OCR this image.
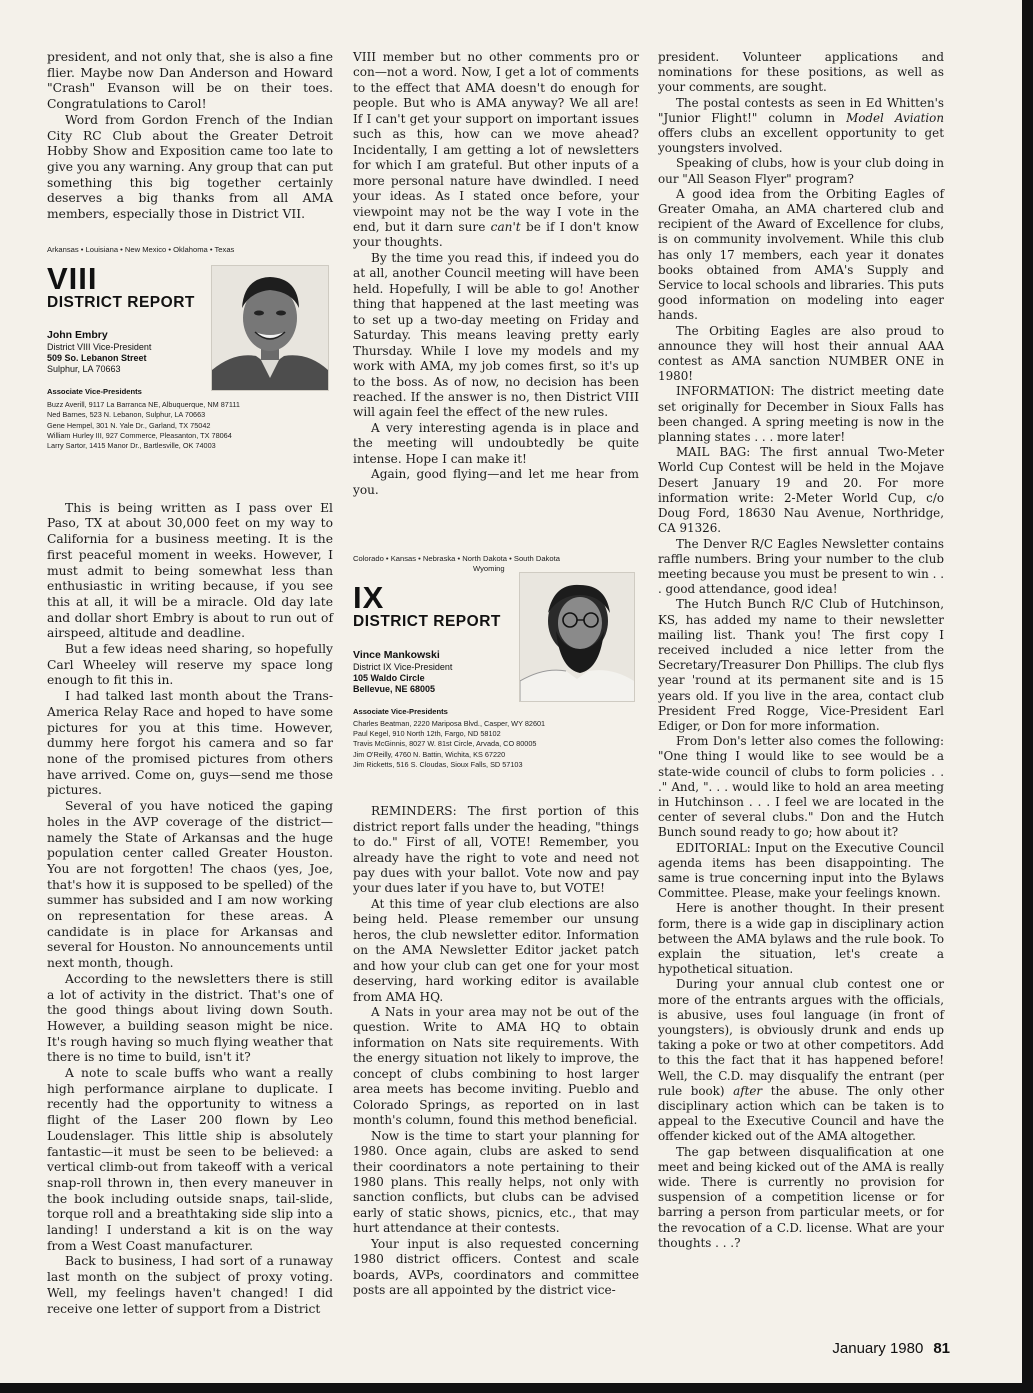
president, and not only that, she is also a fine flier. Maybe now Dan Anderson and Howard "Crash" Evanson will be on their toes. Congratulations to Carol!

Word from Gordon French of the Indian City RC Club about the Greater Detroit Hobby Show and Exposition came too late to give you any warning. Any group that can put something this big together certainly deserves a big thanks from all AMA members, especially those in District VII.

Arkansas • Louisiana • New Mexico • Oklahoma • Texas
VIII
DISTRICT REPORT
John Embry
District VIII Vice-President
509 So. Lebanon Street
Sulphur, LA 70663
Associate Vice-Presidents
Buzz Averill, 9117 La Barranca NE, Albuquerque, NM 87111
Ned Barnes, 523 N. Lebanon, Sulphur, LA 70663
Gene Hempel, 301 N. Yale Dr., Garland, TX 75042
William Hurley III, 927 Commerce, Pleasanton, TX 78064
Larry Sartor, 1415 Manor Dr., Bartlesville, OK 74003

This is being written as I pass over El Paso, TX at about 30,000 feet on my way to California for a business meeting. It is the first peaceful moment in weeks. However, I must admit to being somewhat less than enthusiastic in writing because, if you see this at all, it will be a miracle. Old day late and dollar short Embry is about to run out of airspeed, altitude and deadline.

But a few ideas need sharing, so hopefully Carl Wheeley will reserve my space long enough to fit this in.

I had talked last month about the Trans-America Relay Race and hoped to have some pictures for you at this time. However, dummy here forgot his camera and so far none of the promised pictures from others have arrived. Come on, guys—send me those pictures.

Several of you have noticed the gaping holes in the AVP coverage of the district—namely the State of Arkansas and the huge population center called Greater Houston. You are not forgotten! The chaos (yes, Joe, that's how it is supposed to be spelled) of the summer has subsided and I am now working on representation for these areas. A candidate is in place for Arkansas and several for Houston. No announcements until next month, though.

According to the newsletters there is still a lot of activity in the district. That's one of the good things about living down South. However, a building season might be nice. It's rough having so much flying weather that there is no time to build, isn't it?

A note to scale buffs who want a really high performance airplane to duplicate. I recently had the opportunity to witness a flight of the Laser 200 flown by Leo Loudenslager. This little ship is absolutely fantastic—it must be seen to be believed: a vertical climb-out from takeoff with a verical snap-roll thrown in, then every maneuver in the book including outside snaps, tail-slide, torque roll and a breathtaking side slip into a landing! I understand a kit is on the way from a West Coast manufacturer.

Back to business, I had sort of a runaway last month on the subject of proxy voting. Well, my feelings haven't changed! I did receive one letter of support from a District

VIII member but no other comments pro or con—not a word. Now, I get a lot of comments to the effect that AMA doesn't do enough for people. But who is AMA anyway? We all are! If I can't get your support on important issues such as this, how can we move ahead? Incidentally, I am getting a lot of newsletters for which I am grateful. But other inputs of a more personal nature have dwindled. I need your ideas. As I stated once before, your viewpoint may not be the way I vote in the end, but it darn sure can't be if I don't know your thoughts.

By the time you read this, if indeed you do at all, another Council meeting will have been held. Hopefully, I will be able to go! Another thing that happened at the last meeting was to set up a two-day meeting on Friday and Saturday. This means leaving pretty early Thursday. While I love my models and my work with AMA, my job comes first, so it's up to the boss. As of now, no decision has been reached. If the answer is no, then District VIII will again feel the effect of the new rules.

A very interesting agenda is in place and the meeting will undoubtedly be quite intense. Hope I can make it!

Again, good flying—and let me hear from you.

Colorado • Kansas • Nebraska • North Dakota • South Dakota
Wyoming
IX
DISTRICT REPORT
Vince Mankowski
District IX Vice-President
105 Waldo Circle
Bellevue, NE 68005
Associate Vice-Presidents
Charles Beatman, 2220 Mariposa Blvd., Casper, WY 82601
Paul Kegel, 910 North 12th, Fargo, ND 58102
Travis McGinnis, 8027 W. 81st Circle, Arvada, CO 80005
Jim O'Reilly, 4760 N. Battin, Wichita, KS 67220
Jim Ricketts, 516 S. Cloudas, Sioux Falls, SD 57103

REMINDERS: The first portion of this district report falls under the heading, "things to do." First of all, VOTE! Remember, you already have the right to vote and need not pay dues with your ballot. Vote now and pay your dues later if you have to, but VOTE!

At this time of year club elections are also being held. Please remember our unsung heros, the club newsletter editor. Information on the AMA Newsletter Editor jacket patch and how your club can get one for your most deserving, hard working editor is available from AMA HQ.

A Nats in your area may not be out of the question. Write to AMA HQ to obtain information on Nats site requirements. With the energy situation not likely to improve, the concept of clubs combining to host larger area meets has become inviting. Pueblo and Colorado Springs, as reported on in last month's column, found this method beneficial.

Now is the time to start your planning for 1980. Once again, clubs are asked to send their coordinators a note pertaining to their 1980 plans. This really helps, not only with sanction conflicts, but clubs can be advised early of static shows, picnics, etc., that may hurt attendance at their contests.

Your input is also requested concerning 1980 district officers. Contest and scale boards, AVPs, coordinators and committee posts are all appointed by the district vice-

president. Volunteer applications and nominations for these positions, as well as your comments, are sought.

The postal contests as seen in Ed Whitten's "Junior Flight!" column in Model Aviation offers clubs an excellent opportunity to get youngsters involved.

Speaking of clubs, how is your club doing in our "All Season Flyer" program?

A good idea from the Orbiting Eagles of Greater Omaha, an AMA chartered club and recipient of the Award of Excellence for clubs, is on community involvement. While this club has only 17 members, each year it donates books obtained from AMA's Supply and Service to local schools and libraries. This puts good information on modeling into eager hands.

The Orbiting Eagles are also proud to announce they will host their annual AAA contest as AMA sanction NUMBER ONE in 1980!

INFORMATION: The district meeting date set originally for December in Sioux Falls has been changed. A spring meeting is now in the planning states . . . more later!

MAIL BAG: The first annual Two-Meter World Cup Contest will be held in the Mojave Desert January 19 and 20. For more information write: 2-Meter World Cup, c/o Doug Ford, 18630 Nau Avenue, Northridge, CA 91326.

The Denver R/C Eagles Newsletter contains raffle numbers. Bring your number to the club meeting because you must be present to win . . . good attendance, good idea!

The Hutch Bunch R/C Club of Hutchinson, KS, has added my name to their newsletter mailing list. Thank you! The first copy I received included a nice letter from the Secretary/Treasurer Don Phillips. The club flys year 'round at its permanent site and is 15 years old. If you live in the area, contact club President Fred Rogge, Vice-President Earl Ediger, or Don for more information.

From Don's letter also comes the following: "One thing I would like to see would be a state-wide council of clubs to form policies . . ." And, ". . . would like to hold an area meeting in Hutchinson . . . I feel we are located in the center of several clubs." Don and the Hutch Bunch sound ready to go; how about it?

EDITORIAL: Input on the Executive Council agenda items has been disappointing. The same is true concerning input into the Bylaws Committee. Please, make your feelings known.

Here is another thought. In their present form, there is a wide gap in disciplinary action between the AMA bylaws and the rule book. To explain the situation, let's create a hypothetical situation.

During your annual club contest one or more of the entrants argues with the officials, is abusive, uses foul language (in front of youngsters), is obviously drunk and ends up taking a poke or two at other competitors. Add to this the fact that it has happened before! Well, the C.D. may disqualify the entrant (per rule book) after the abuse. The only other disciplinary action which can be taken is to appeal to the Executive Council and have the offender kicked out of the AMA altogether.

The gap between disqualification at one meet and being kicked out of the AMA is really wide. There is currently no provision for suspension of a competition license or for barring a person from particular meets, or for the revocation of a C.D. license. What are your thoughts . . .?

January 1980 81
